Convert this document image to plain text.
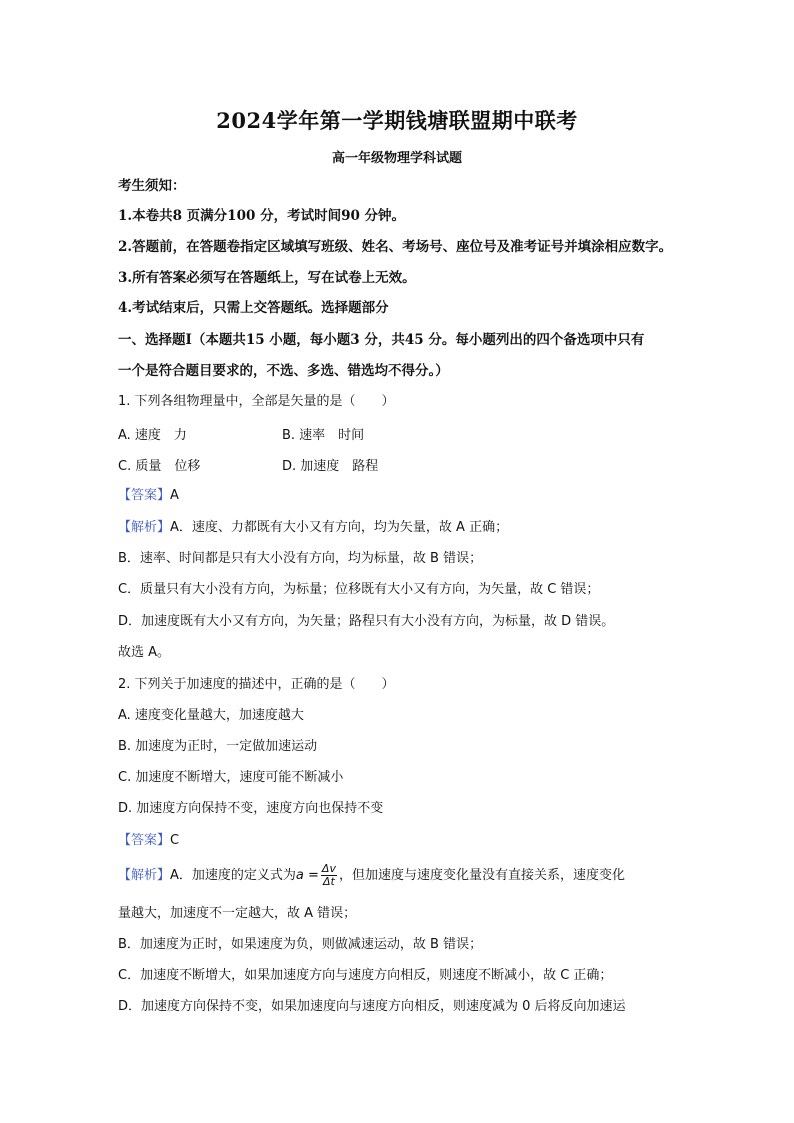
2024学年第一学期钱塘联盟期中联考
高一年级物理学科试题
考生须知：
1.本卷共8 页满分100 分，考试时间90 分钟。
2.答题前，在答题卷指定区域填写班级、姓名、考场号、座位号及准考证号并填涂相应数字。
3.所有答案必须写在答题纸上，写在试卷上无效。
4.考试结束后，只需上交答题纸。选择题部分
一、选择题Ⅰ（本题共15 小题，每小题3 分，共45 分。每小题列出的四个备选项中只有
一个是符合题目要求的，不选、多选、错选均不得分。）
1. 下列各组物理量中，全部是矢量的是（　　）
A. 速度　力	B. 速率　时间
C. 质量　位移	D. 加速度　路程
【答案】A
【解析】A．速度、力都既有大小又有方向，均为矢量，故 A 正确；
B．速率、时间都是只有大小没有方向，均为标量，故 B 错误；
C．质量只有大小没有方向，为标量；位移既有大小又有方向，为矢量，故 C 错误；
D．加速度既有大小又有方向，为矢量；路程只有大小没有方向，为标量，故 D 错误。
故选 A。
2. 下列关于加速度的描述中，正确的是（　　）
A. 速度变化量越大，加速度越大
B. 加速度为正时，一定做加速运动
C. 加速度不断增大，速度可能不断减小
D. 加速度方向保持不变，速度方向也保持不变
【答案】C
【解析】A．加速度的定义式为$a = \frac{\Delta v}{\Delta t}$ ，但加速度与速度变化量没有直接关系，速度变化
量越大，加速度不一定越大，故 A 错误；
B．加速度为正时，如果速度为负，则做减速运动，故 B 错误；
C．加速度不断增大，如果加速度方向与速度方向相反，则速度不断减小，故 C 正确；
D．加速度方向保持不变，如果加速度向与速度方向相反，则速度减为 0 后将反向加速运
